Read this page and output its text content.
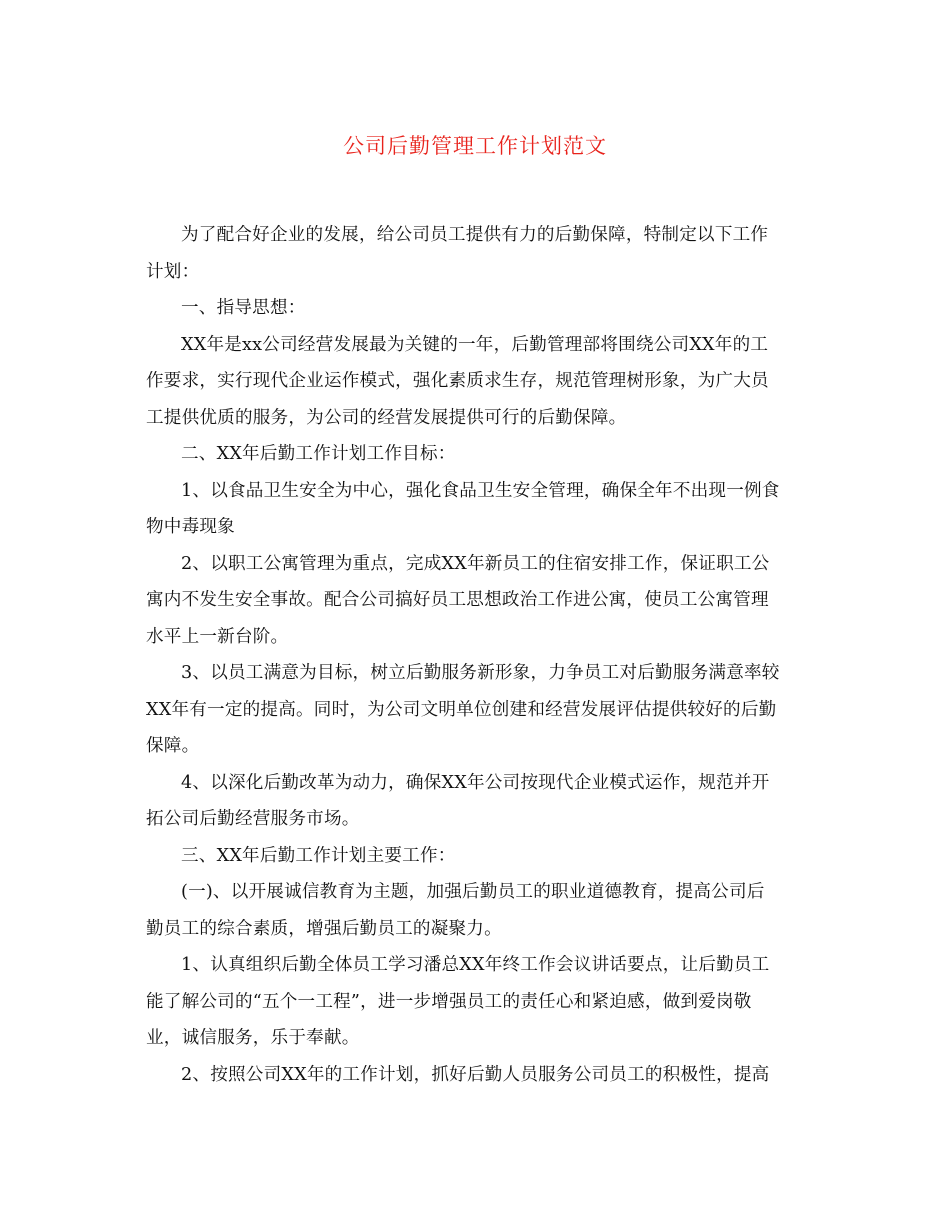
公司后勤管理工作计划范文

为了配合好企业的发展，给公司员工提供有力的后勤保障，特制定以下工作
计划：

一、指导思想：

XX年是xx公司经营发展最为关键的一年，后勤管理部将围绕公司XX年的工
作要求，实行现代企业运作模式，强化素质求生存，规范管理树形象，为广大员
工提供优质的服务，为公司的经营发展提供可行的后勤保障。

二、XX年后勤工作计划工作目标：

1、以食品卫生安全为中心，强化食品卫生安全管理，确保全年不出现一例食
物中毒现象

2、以职工公寓管理为重点，完成XX年新员工的住宿安排工作，保证职工公
寓内不发生安全事故。配合公司搞好员工思想政治工作进公寓，使员工公寓管理
水平上一新台阶。

3、以员工满意为目标，树立后勤服务新形象，力争员工对后勤服务满意率较
XX年有一定的提高。同时，为公司文明单位创建和经营发展评估提供较好的后勤
保障。

4、以深化后勤改革为动力，确保XX年公司按现代企业模式运作，规范并开
拓公司后勤经营服务市场。

三、XX年后勤工作计划主要工作：

(一)、以开展诚信教育为主题，加强后勤员工的职业道德教育，提高公司后
勤员工的综合素质，增强后勤员工的凝聚力。

1、认真组织后勤全体员工学习潘总XX年终工作会议讲话要点，让后勤员工
能了解公司的“五个一工程”，进一步增强员工的责任心和紧迫感，做到爱岗敬
业，诚信服务，乐于奉献。

2、按照公司XX年的工作计划，抓好后勤人员服务公司员工的积极性，提高
